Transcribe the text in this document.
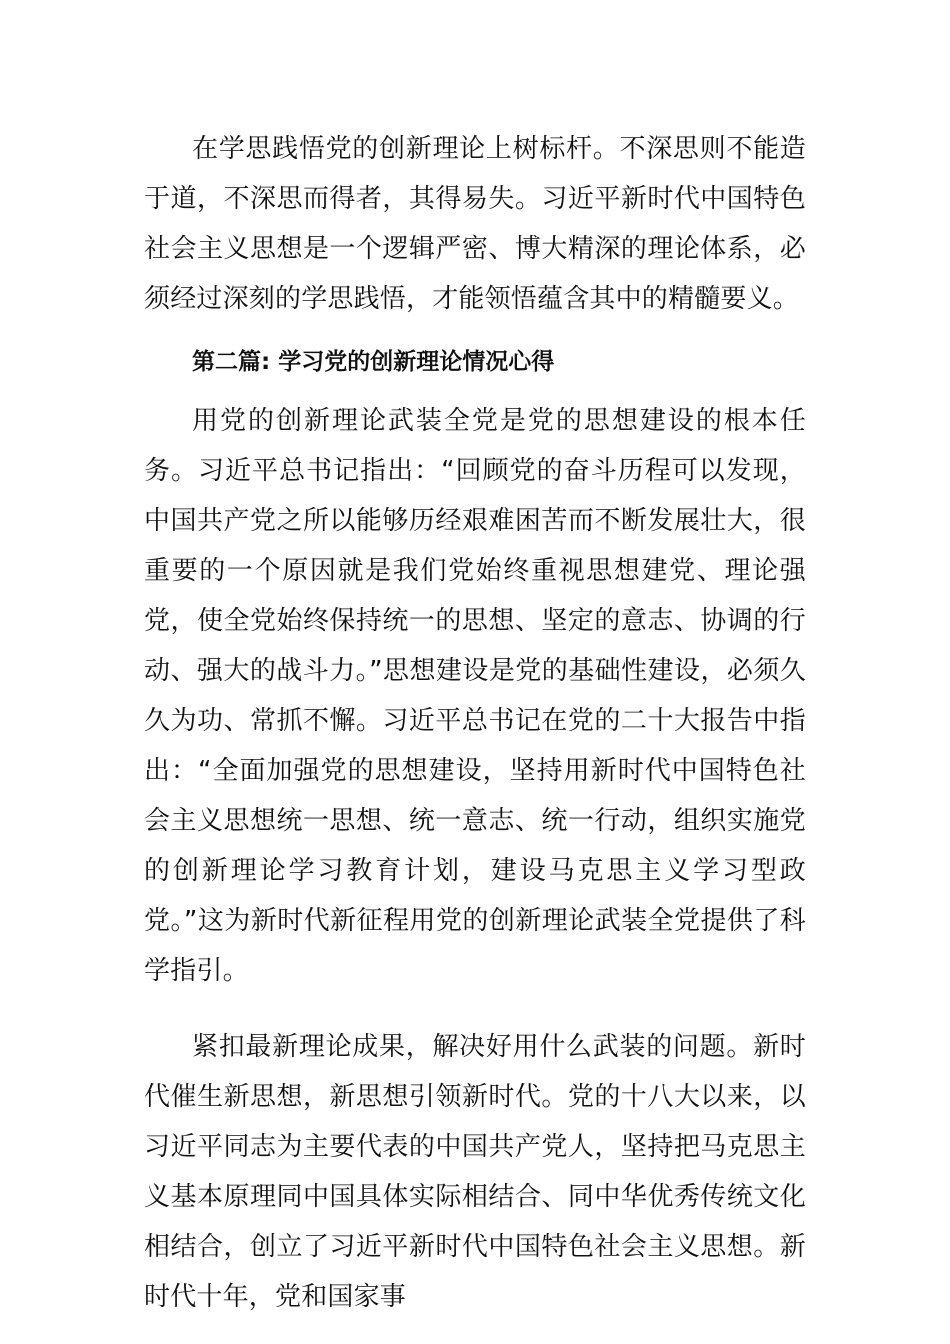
在学思践悟党的创新理论上树标杆。不深思则不能造于道，不深思而得者，其得易失。习近平新时代中国特色社会主义思想是一个逻辑严密、博大精深的理论体系，必须经过深刻的学思践悟，才能领悟蕴含其中的精髓要义。

第二篇: 学习党的创新理论情况心得

用党的创新理论武装全党是党的思想建设的根本任务。习近平总书记指出：“回顾党的奋斗历程可以发现，中国共产党之所以能够历经艰难困苦而不断发展壮大，很重要的一个原因就是我们党始终重视思想建党、理论强党，使全党始终保持统一的思想、坚定的意志、协调的行动、强大的战斗力。”思想建设是党的基础性建设，必须久久为功、常抓不懈。习近平总书记在党的二十大报告中指出：“全面加强党的思想建设，坚持用新时代中国特色社会主义思想统一思想、统一意志、统一行动，组织实施党的创新理论学习教育计划，建设马克思主义学习型政党。”这为新时代新征程用党的创新理论武装全党提供了科学指引。

紧扣最新理论成果，解决好用什么武装的问题。新时代催生新思想，新思想引领新时代。党的十八大以来，以习近平同志为主要代表的中国共产党人，坚持把马克思主义基本原理同中国具体实际相结合、同中华优秀传统文化相结合，创立了习近平新时代中国特色社会主义思想。新时代十年，党和国家事
